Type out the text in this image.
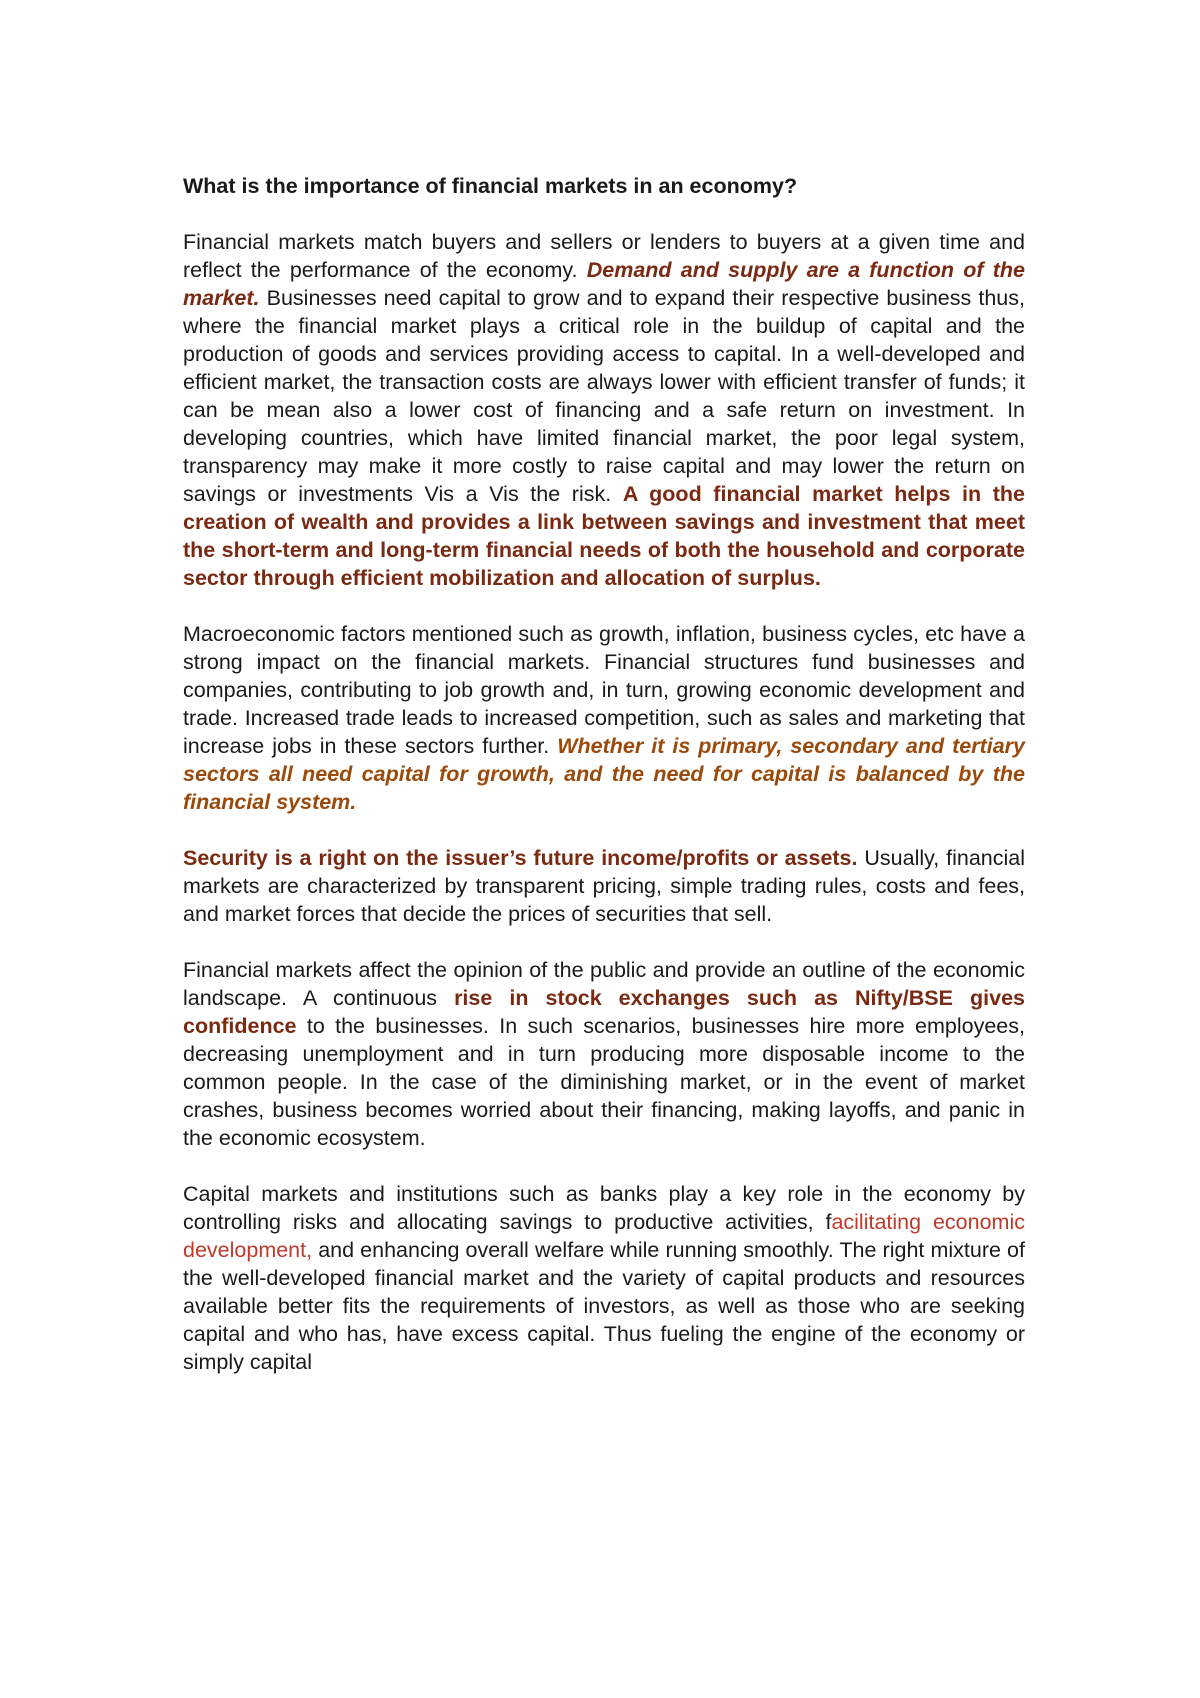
What is the importance of financial markets in an economy?

Financial markets match buyers and sellers or lenders to buyers at a given time and reflect the performance of the economy. Demand and supply are a function of the market. Businesses need capital to grow and to expand their respective business thus, where the financial market plays a critical role in the buildup of capital and the production of goods and services providing access to capital. In a well-developed and efficient market, the transaction costs are always lower with efficient transfer of funds; it can be mean also a lower cost of financing and a safe return on investment. In developing countries, which have limited financial market, the poor legal system, transparency may make it more costly to raise capital and may lower the return on savings or investments Vis a Vis the risk. A good financial market helps in the creation of wealth and provides a link between savings and investment that meet the short-term and long-term financial needs of both the household and corporate sector through efficient mobilization and allocation of surplus.

Macroeconomic factors mentioned such as growth, inflation, business cycles, etc have a strong impact on the financial markets. Financial structures fund businesses and companies, contributing to job growth and, in turn, growing economic development and trade. Increased trade leads to increased competition, such as sales and marketing that increase jobs in these sectors further. Whether it is primary, secondary and tertiary sectors all need capital for growth, and the need for capital is balanced by the financial system.

Security is a right on the issuer’s future income/profits or assets. Usually, financial markets are characterized by transparent pricing, simple trading rules, costs and fees, and market forces that decide the prices of securities that sell.

Financial markets affect the opinion of the public and provide an outline of the economic landscape. A continuous rise in stock exchanges such as Nifty/BSE gives confidence to the businesses. In such scenarios, businesses hire more employees, decreasing unemployment and in turn producing more disposable income to the common people. In the case of the diminishing market, or in the event of market crashes, business becomes worried about their financing, making layoffs, and panic in the economic ecosystem.

Capital markets and institutions such as banks play a key role in the economy by controlling risks and allocating savings to productive activities, facilitating economic development, and enhancing overall welfare while running smoothly. The right mixture of the well-developed financial market and the variety of capital products and resources available better fits the requirements of investors, as well as those who are seeking capital and who has, have excess capital. Thus fueling the engine of the economy or simply capital
